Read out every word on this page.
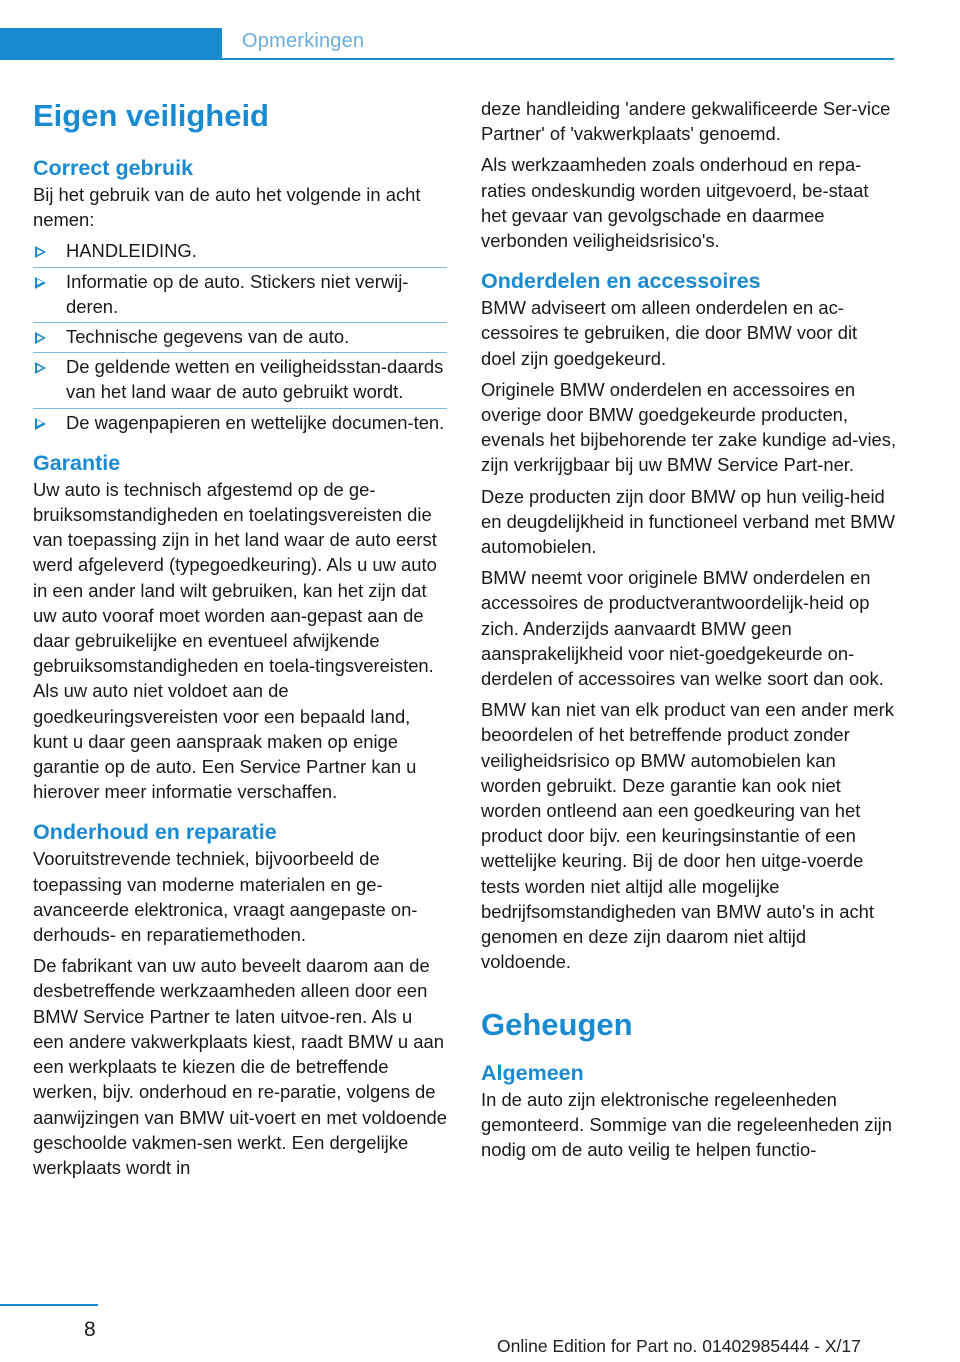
Opmerkingen
Eigen veiligheid
Correct gebruik

Bij het gebruik van de auto het volgende in acht nemen:

HANDLEIDING.
Informatie op de auto. Stickers niet verwij‐deren.
Technische gegevens van de auto.
De geldende wetten en veiligheidsstan‐daards van het land waar de auto gebruikt wordt.
De wagenpapieren en wettelijke documen‐ten.
Garantie

Uw auto is technisch afgestemd op de ge‐bruiksomstandigheden en toelatingsvereisten die van toepassing zijn in het land waar de auto eerst werd afgeleverd (typegoedkeuring). Als u uw auto in een ander land wilt gebruiken, kan het zijn dat uw auto vooraf moet worden aan‐gepast aan de daar gebruikelijke en eventueel afwijkende gebruiksomstandigheden en toela‐tingsvereisten. Als uw auto niet voldoet aan de goedkeuringsvereisten voor een bepaald land, kunt u daar geen aanspraak maken op enige garantie op de auto. Een Service Partner kan u hierover meer informatie verschaffen.

Onderhoud en reparatie

Vooruitstrevende techniek, bijvoorbeeld de toepassing van moderne materialen en ge‐avanceerde elektronica, vraagt aangepaste on‐derhouds- en reparatiemethoden.

De fabrikant van uw auto beveelt daarom aan de desbetreffende werkzaamheden alleen door een BMW Service Partner te laten uitvoe‐ren. Als u een andere vakwerkplaats kiest, raadt BMW u aan een werkplaats te kiezen die de betreffende werken, bijv. onderhoud en re‐paratie, volgens de aanwijzingen van BMW uit‐voert en met voldoende geschoolde vakmen‐sen werkt. Een dergelijke werkplaats wordt in

deze handleiding 'andere gekwalificeerde Ser‐vice Partner' of 'vakwerkplaats' genoemd.

Als werkzaamheden zoals onderhoud en repa‐raties ondeskundig worden uitgevoerd, be‐staat het gevaar van gevolgschade en daarmee verbonden veiligheidsrisico's.

Onderdelen en accessoires

BMW adviseert om alleen onderdelen en ac‐cessoires te gebruiken, die door BMW voor dit doel zijn goedgekeurd.

Originele BMW onderdelen en accessoires en overige door BMW goedgekeurde producten, evenals het bijbehorende ter zake kundige ad‐vies, zijn verkrijgbaar bij uw BMW Service Part‐ner.

Deze producten zijn door BMW op hun veilig‐heid en deugdelijkheid in functioneel verband met BMW automobielen.

BMW neemt voor originele BMW onderdelen en accessoires de productverantwoordelijk‐heid op zich. Anderzijds aanvaardt BMW geen aansprakelijkheid voor niet-goedgekeurde on‐derdelen of accessoires van welke soort dan ook.

BMW kan niet van elk product van een ander merk beoordelen of het betreffende product zonder veiligheidsrisico op BMW automobielen kan worden gebruikt. Deze garantie kan ook niet worden ontleend aan een goedkeuring van het product door bijv. een keuringsinstantie of een wettelijke keuring. Bij de door hen uitge‐voerde tests worden niet altijd alle mogelijke bedrijfsomstandigheden van BMW auto's in acht genomen en deze zijn daarom niet altijd voldoende.

Geheugen
Algemeen

In de auto zijn elektronische regeleenheden gemonteerd. Sommige van die regeleenheden zijn nodig om de auto veilig te helpen functio‐

8
Online Edition for Part no. 01402985444 - X/17
